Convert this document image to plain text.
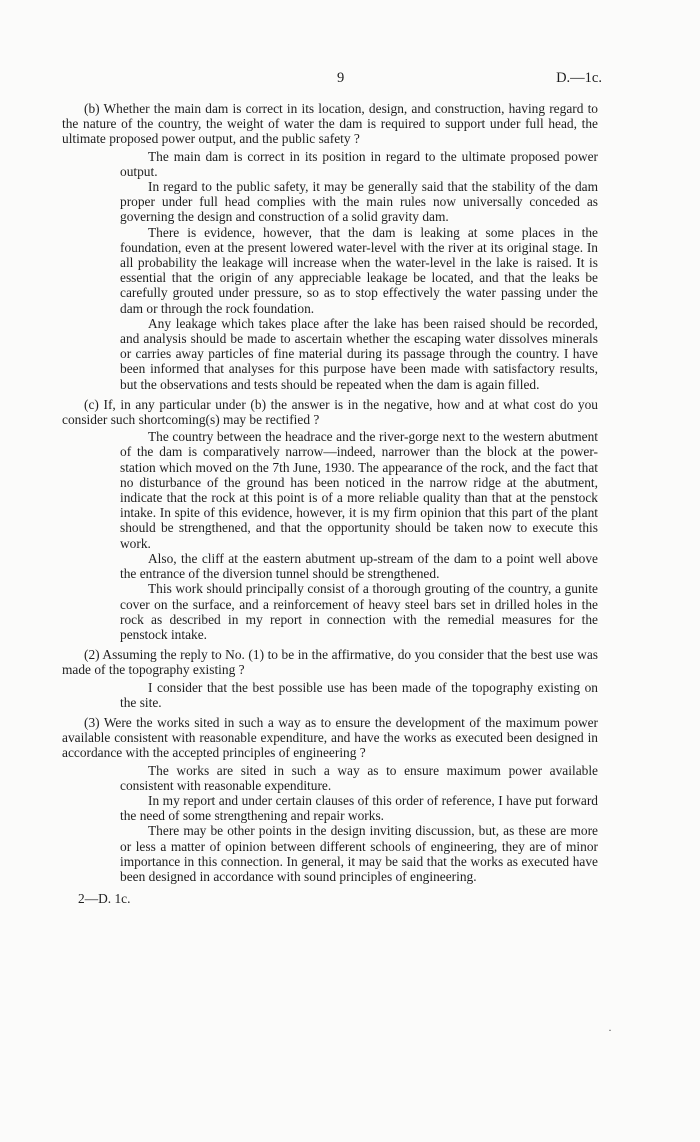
9	D.—1c.

(b) Whether the main dam is correct in its location, design, and construction, having regard to the nature of the country, the weight of water the dam is required to support under full head, the ultimate proposed power output, and the public safety ?

The main dam is correct in its position in regard to the ultimate proposed power output.

In regard to the public safety, it may be generally said that the stability of the dam proper under full head complies with the main rules now universally conceded as governing the design and construction of a solid gravity dam.

There is evidence, however, that the dam is leaking at some places in the foundation, even at the present lowered water-level with the river at its original stage. In all probability the leakage will increase when the water-level in the lake is raised. It is essential that the origin of any appreciable leakage be located, and that the leaks be carefully grouted under pressure, so as to stop effectively the water passing under the dam or through the rock foundation.

Any leakage which takes place after the lake has been raised should be recorded, and analysis should be made to ascertain whether the escaping water dissolves minerals or carries away particles of fine material during its passage through the country. I have been informed that analyses for this purpose have been made with satisfactory results, but the observations and tests should be repeated when the dam is again filled.

(c) If, in any particular under (b) the answer is in the negative, how and at what cost do you consider such shortcoming(s) may be rectified ?

The country between the headrace and the river-gorge next to the western abutment of the dam is comparatively narrow—indeed, narrower than the block at the power-station which moved on the 7th June, 1930. The appearance of the rock, and the fact that no disturbance of the ground has been noticed in the narrow ridge at the abutment, indicate that the rock at this point is of a more reliable quality than that at the penstock intake. In spite of this evidence, however, it is my firm opinion that this part of the plant should be strengthened, and that the opportunity should be taken now to execute this work.

Also, the cliff at the eastern abutment up-stream of the dam to a point well above the entrance of the diversion tunnel should be strengthened.

This work should principally consist of a thorough grouting of the country, a gunite cover on the surface, and a reinforcement of heavy steel bars set in drilled holes in the rock as described in my report in connection with the remedial measures for the penstock intake.

(2) Assuming the reply to No. (1) to be in the affirmative, do you consider that the best use was made of the topography existing ?

I consider that the best possible use has been made of the topography existing on the site.

(3) Were the works sited in such a way as to ensure the development of the maximum power available consistent with reasonable expenditure, and have the works as executed been designed in accordance with the accepted principles of engineering ?

The works are sited in such a way as to ensure maximum power available consistent with reasonable expenditure.

In my report and under certain clauses of this order of reference, I have put forward the need of some strengthening and repair works.

There may be other points in the design inviting discussion, but, as these are more or less a matter of opinion between different schools of engineering, they are of minor importance in this connection. In general, it may be said that the works as executed have been designed in accordance with sound principles of engineering.

2—D. 1c.
·
